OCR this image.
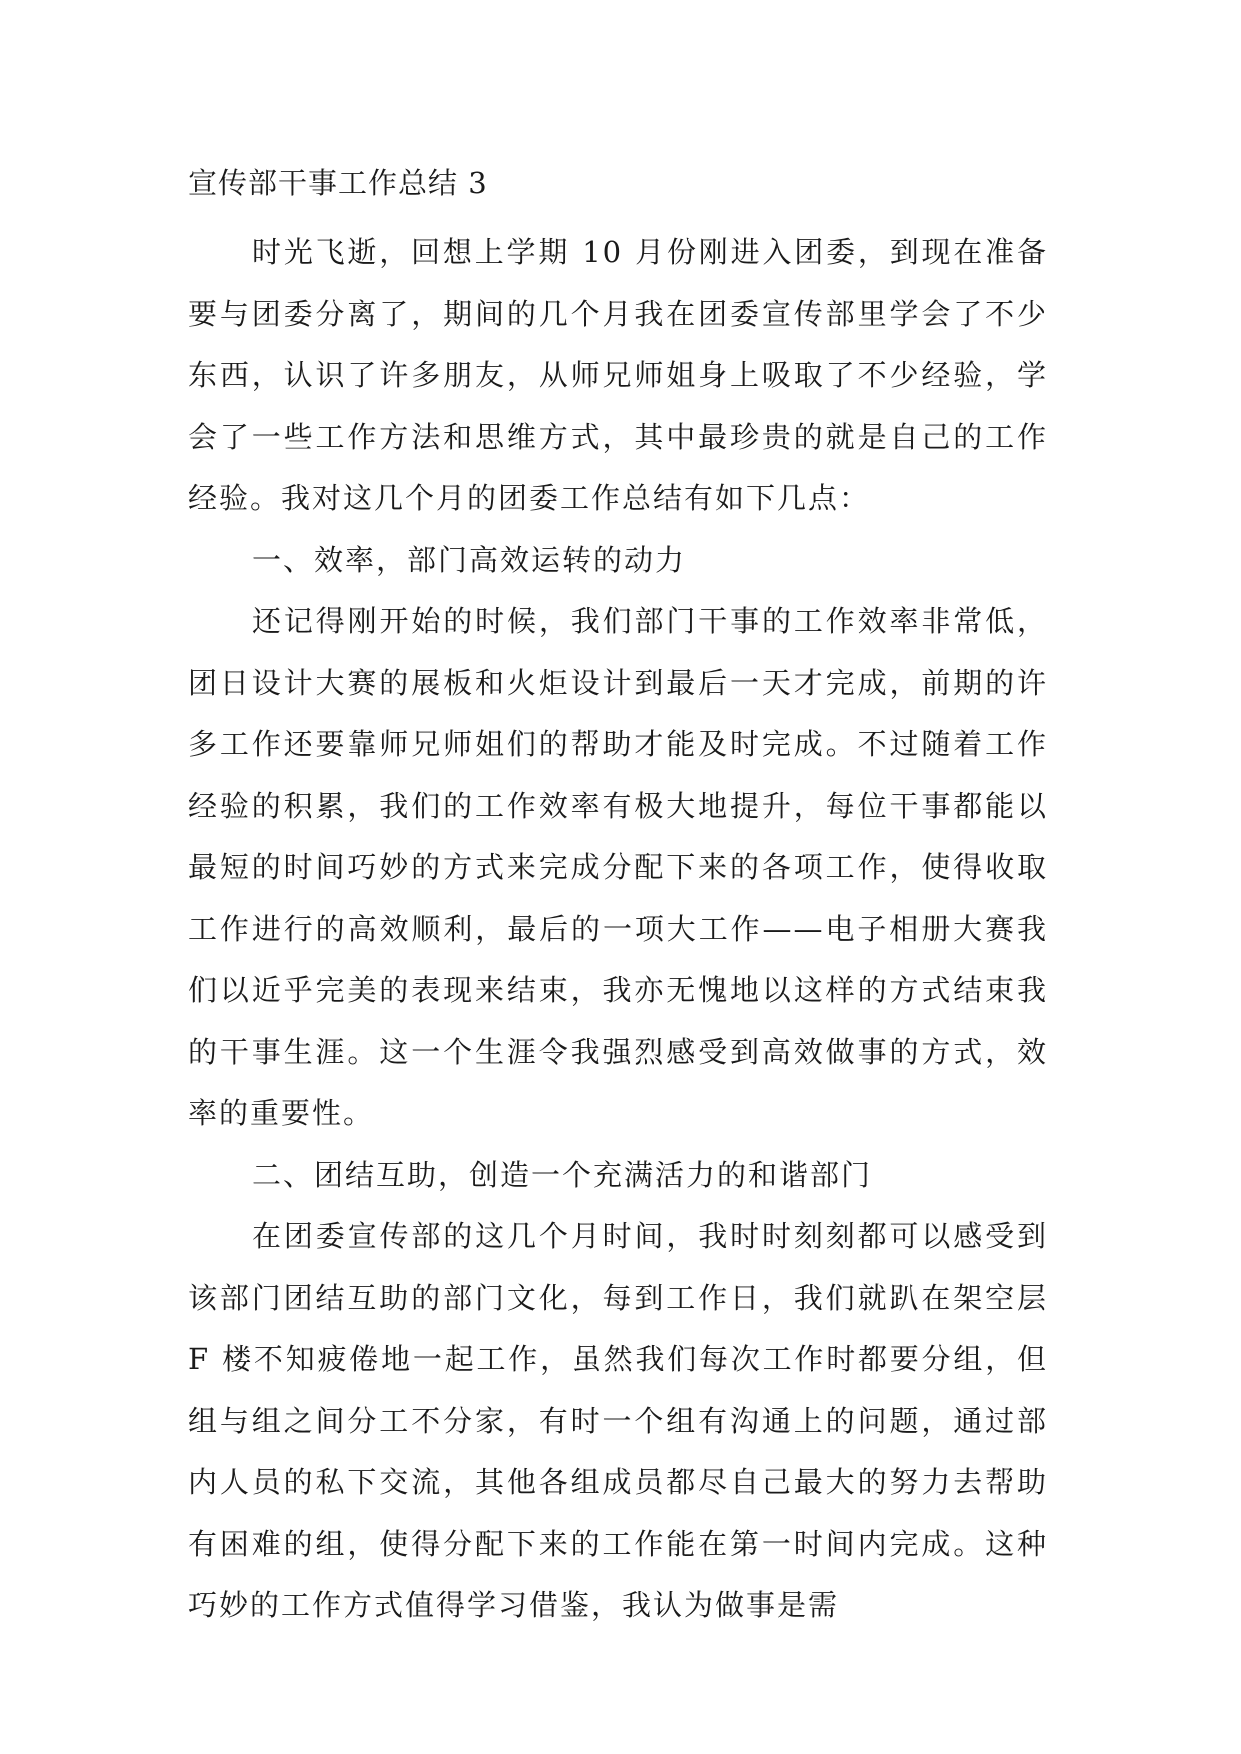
宣传部干事工作总结 3

时光飞逝，回想上学期 10 月份刚进入团委，到现在准备要与团委分离了，期间的几个月我在团委宣传部里学会了不少东西，认识了许多朋友，从师兄师姐身上吸取了不少经验，学会了一些工作方法和思维方式，其中最珍贵的就是自己的工作经验。我对这几个月的团委工作总结有如下几点：

一、效率，部门高效运转的动力

还记得刚开始的时候，我们部门干事的工作效率非常低，团日设计大赛的展板和火炬设计到最后一天才完成，前期的许多工作还要靠师兄师姐们的帮助才能及时完成。不过随着工作经验的积累，我们的工作效率有极大地提升，每位干事都能以最短的时间巧妙的方式来完成分配下来的各项工作，使得收取工作进行的高效顺利，最后的一项大工作——电子相册大赛我们以近乎完美的表现来结束，我亦无愧地以这样的方式结束我的干事生涯。这一个生涯令我强烈感受到高效做事的方式，效率的重要性。

二、团结互助，创造一个充满活力的和谐部门

在团委宣传部的这几个月时间，我时时刻刻都可以感受到该部门团结互助的部门文化，每到工作日，我们就趴在架空层 F 楼不知疲倦地一起工作，虽然我们每次工作时都要分组，但组与组之间分工不分家，有时一个组有沟通上的问题，通过部内人员的私下交流，其他各组成员都尽自己最大的努力去帮助有困难的组，使得分配下来的工作能在第一时间内完成。这种巧妙的工作方式值得学习借鉴，我认为做事是需
